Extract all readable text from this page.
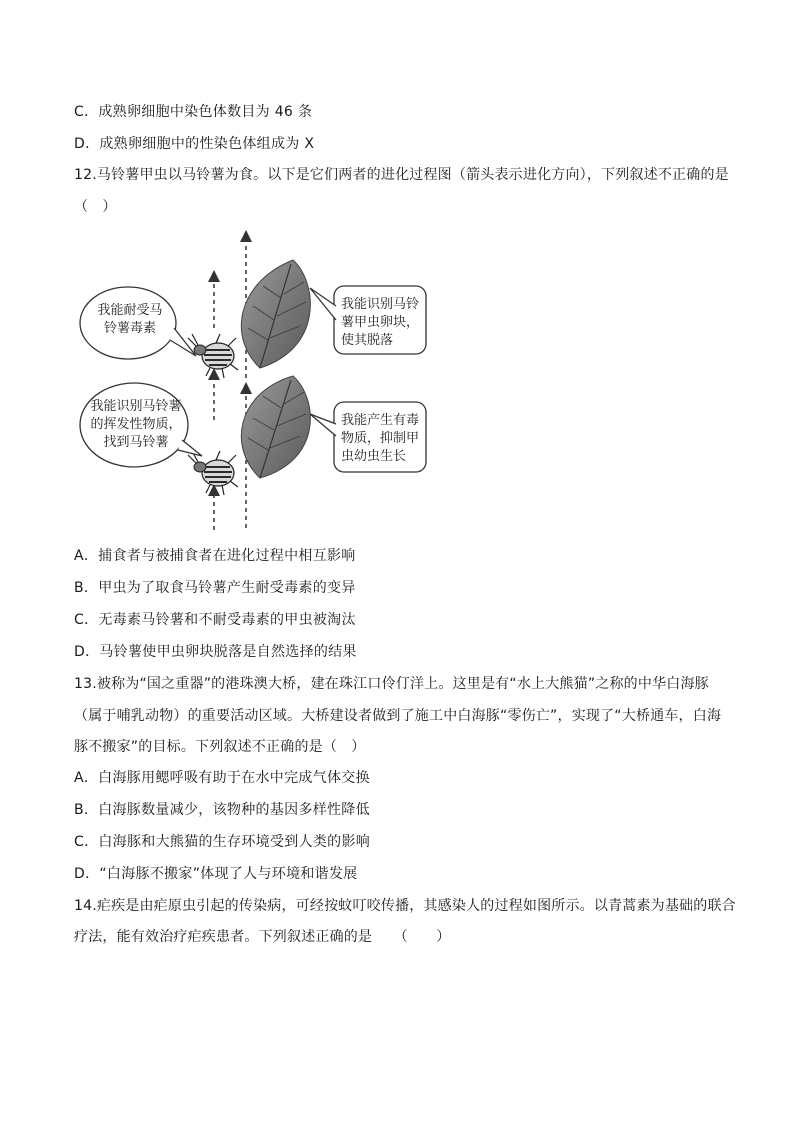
C．成熟卵细胞中染色体数目为 46 条
D．成熟卵细胞中的性染色体组成为 X
12.马铃薯甲虫以马铃薯为食。以下是它们两者的进化过程图（箭头表示进化方向），下列叙述不正确的是
（　）
我能耐受马
铃薯毒素
我能识别马铃
薯甲虫卵块，
使其脱落
我能识别马铃薯
的挥发性物质，
找到马铃薯
我能产生有毒
物质，抑制甲
虫幼虫生长
A．捕食者与被捕食者在进化过程中相互影响
B．甲虫为了取食马铃薯产生耐受毒素的变异
C．无毒素马铃薯和不耐受毒素的甲虫被淘汰
D．马铃薯使甲虫卵块脱落是自然选择的结果
13.被称为“国之重器”的港珠澳大桥，建在珠江口伶仃洋上。这里是有“水上大熊猫”之称的中华白海豚
（属于哺乳动物）的重要活动区域。大桥建设者做到了施工中白海豚“零伤亡”，实现了“大桥通车，白海
豚不搬家”的目标。下列叙述不正确的是（　）
A．白海豚用鳃呼吸有助于在水中完成气体交换
B．白海豚数量减少，该物种的基因多样性降低
C．白海豚和大熊猫的生存环境受到人类的影响
D．“白海豚不搬家”体现了人与环境和谐发展
14.疟疾是由疟原虫引起的传染病，可经按蚊叮咬传播，其感染人的过程如图所示。以青蒿素为基础的联合
疗法，能有效治疗疟疾患者。下列叙述正确的是　　（　　）
